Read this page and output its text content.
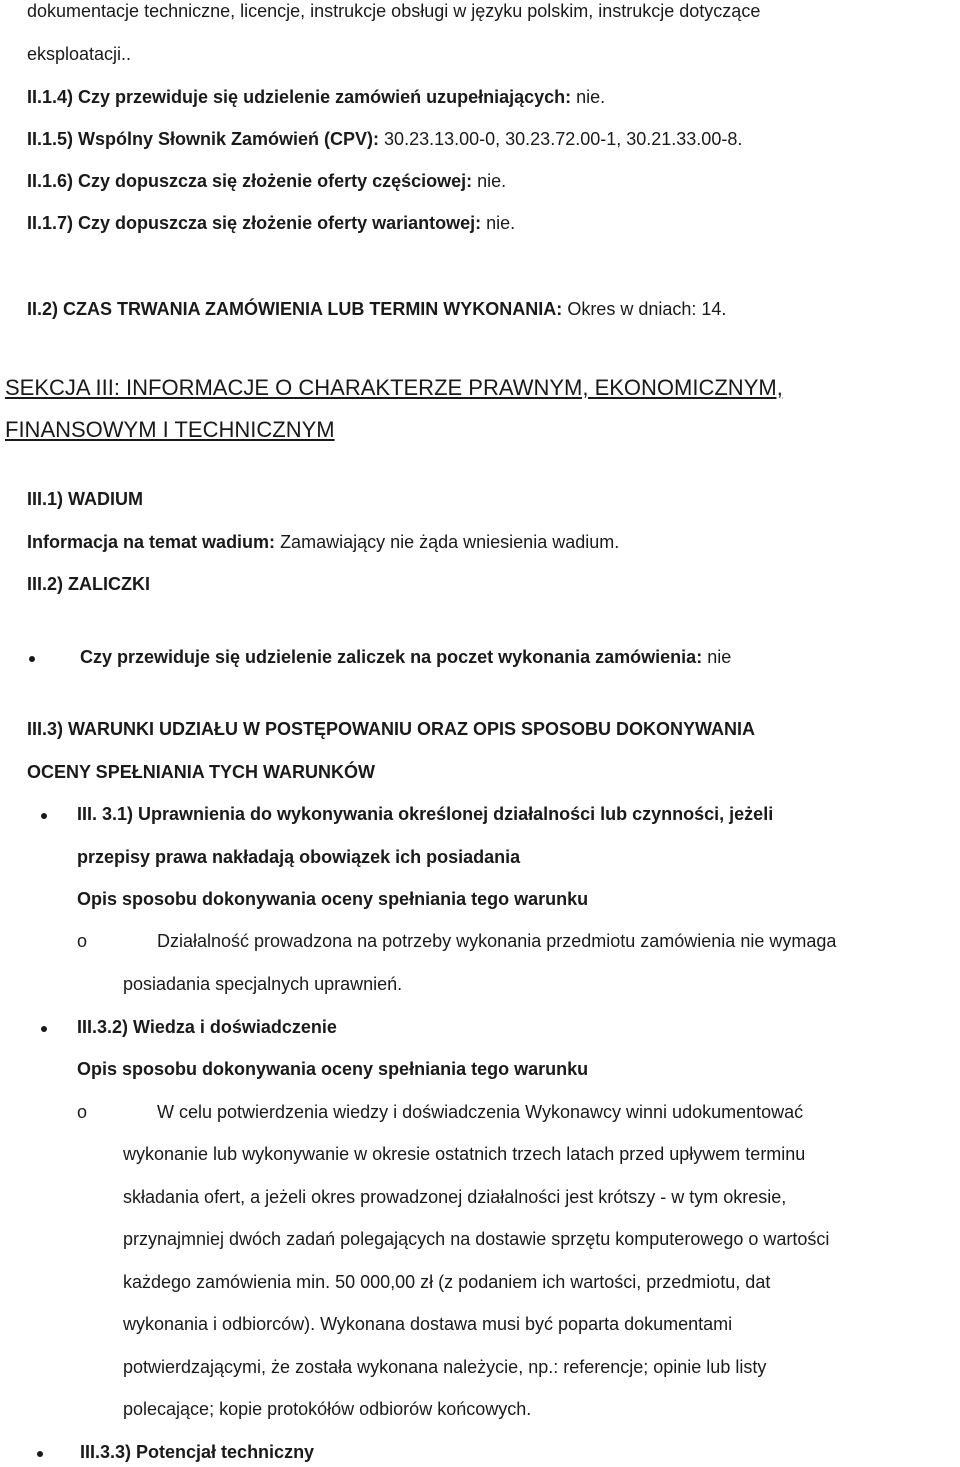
dokumentacje techniczne, licencje, instrukcje obsługi w języku polskim, instrukcje dotyczące
eksploatacji..
II.1.4) Czy przewiduje się udzielenie zamówień uzupełniających: nie.
II.1.5) Wspólny Słownik Zamówień (CPV): 30.23.13.00-0, 30.23.72.00-1, 30.21.33.00-8.
II.1.6) Czy dopuszcza się złożenie oferty częściowej: nie.
II.1.7) Czy dopuszcza się złożenie oferty wariantowej: nie.
II.2) CZAS TRWANIA ZAMÓWIENIA LUB TERMIN WYKONANIA: Okres w dniach: 14.
SEKCJA III: INFORMACJE O CHARAKTERZE PRAWNYM, EKONOMICZNYM,
FINANSOWYM I TECHNICZNYM
III.1) WADIUM
Informacja na temat wadium: Zamawiający nie żąda wniesienia wadium.
III.2) ZALICZKI
Czy przewiduje się udzielenie zaliczek na poczet wykonania zamówienia: nie
III.3) WARUNKI UDZIAŁU W POSTĘPOWANIU ORAZ OPIS SPOSOBU DOKONYWANIA
OCENY SPEŁNIANIA TYCH WARUNKÓW
III. 3.1) Uprawnienia do wykonywania określonej działalności lub czynności, jeżeli
przepisy prawa nakładają obowiązek ich posiadania
Opis sposobu dokonywania oceny spełniania tego warunku
o	Działalność prowadzona na potrzeby wykonania przedmiotu zamówienia nie wymaga
posiadania specjalnych uprawnień.
III.3.2) Wiedza i doświadczenie
Opis sposobu dokonywania oceny spełniania tego warunku
o	W celu potwierdzenia wiedzy i doświadczenia Wykonawcy winni udokumentować
wykonanie lub wykonywanie w okresie ostatnich trzech latach przed upływem terminu
składania ofert, a jeżeli okres prowadzonej działalności jest krótszy - w tym okresie,
przynajmniej dwóch zadań polegających na dostawie sprzętu komputerowego o wartości
każdego zamówienia min. 50 000,00 zł (z podaniem ich wartości, przedmiotu, dat
wykonania i odbiorców). Wykonana dostawa musi być poparta dokumentami
potwierdzającymi, że została wykonana należycie, np.: referencje; opinie lub listy
polecające; kopie protokółów odbiorów końcowych.
III.3.3) Potencjał techniczny
